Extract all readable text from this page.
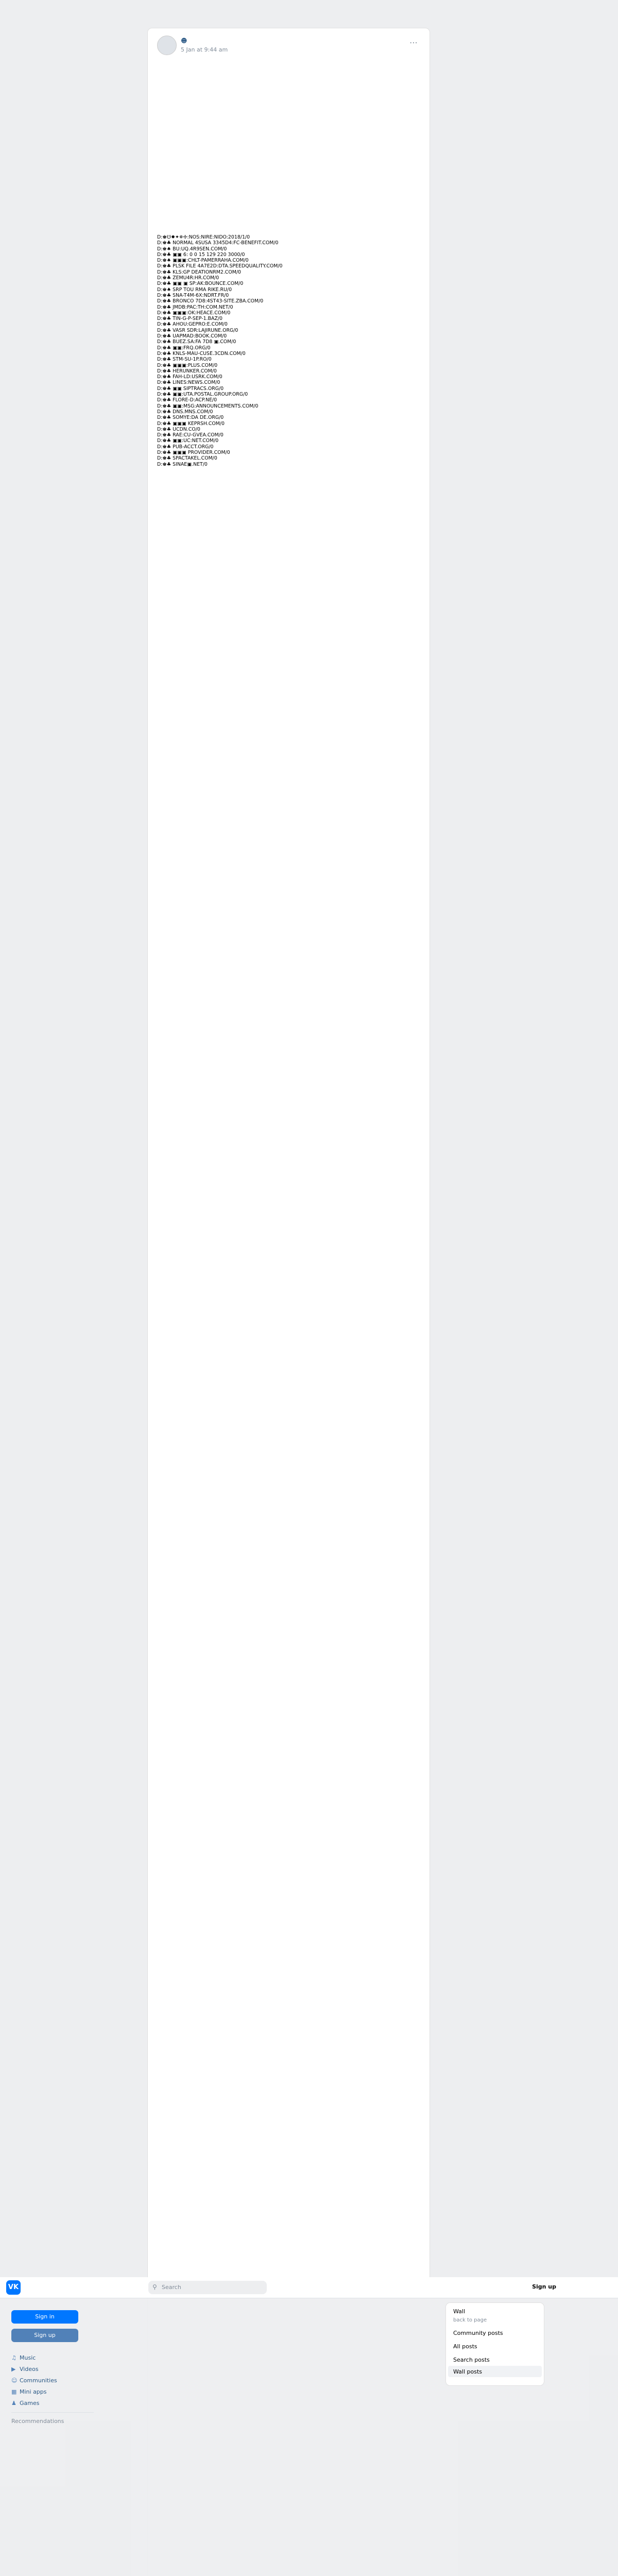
☻
5 Jan at 9:44 am
⋯
D:♚☋✹✦✵✢:NOS:NIRE:NIDO:2018/1/0
D:♚♣ NORMAL 4SUSA 3345D4:FC-BENEFIT.COM/0
D:♚♠ BU:UQ.4R9SEN.COM/0
D:♚♣ ▣▣ 6: 0 0 15 129 220 3000/0
D:♚♠ ▣▣▣:CHLT-PAMERRAHA.COM/0
D:♚♣ PLSK FILE 4A7E2D:DTA.SPEEDQUALITY.COM/0
D:♚♣ KLS:GP DEATIONRM2.COM/0
D:♚♣ ZEMU4R:HR.COM/0
D:♚♣ ▣▣ ▣ SP:AK:BOUNCE.COM/0
D:♚♠ SRP TOU RMA RIKE.RU/0
D:♚♣ SNA-T4M-6X:NDRT.FR/0
D:♚♣ BRONCO 7D8:4ST43-SITE.ZBA.COM/0
D:♚♣ JMDB:PAC:TH:COM.NET/0
D:♚♣ ▣▣▣:OK:HEACE.COM/0
D:♚♣ TIN-G-P-SEP-1.BAZ/0
D:♚♣ AHOU:GEPRO:E.COM/0
D:♚♣ VASR SDR:LAJIRUNE.ORG/0
D:♚♣ UAPMAD:BOOK.COM/0
D:♚♣ BUEZ.SA:FA 7D8 ▣.COM/0
D:♚♣ ▣▣:FRQ.ORG/0
D:♚♣ KNLS-MAU-CUSE.3CDN.COM/0
D:♚♣ STM-SU-1P.RO/0
D:♚♣ ▣▣▣:PLUS.COM/0
D:♚♣ HERUNKER.COM/0
D:♚♣ FAH-LD:USRK.COM/0
D:♚♣ LINES:NEWS.COM/0
D:♚♣ ▣▣ SIPTRACS.ORG/0
D:♚♣ ▣▣:UTA.POSTAL.GROUP.ORG/0
D:♚♣ FLORE-D:ACP.NE/0
D:♚♣ ▣▣:MSG:ANNOUNCEMENTS.COM/0
D:♚♣ DNS.MNS.COM/0
D:♚♣ SOMYE:DA DE.ORG/0
D:♚♣ ▣▣▣ KEPRSH.COM/0
D:♚♣ UCDN.CO/0
D:♚♣ RAE:CU-GVEA.COM/0
D:♚♣ ▣▣:UC:NET.COM/0
D:♚♣ PUB-ACCT.ORG/0
D:♚♣ ▣▣▣ PROVIDER.COM/0
D:♚♣ SPACTAKEL.COM/0
D:♚♣ SINAE▣.NET/0
VK	⚲ Search	Sign up
Sign in
Sign up
♫ Music
▶ Videos
☺ Communities
▦ Mini apps
♟ Games
Recommendations
Wall
back to page
Community posts
All posts
Search posts
Wall posts
